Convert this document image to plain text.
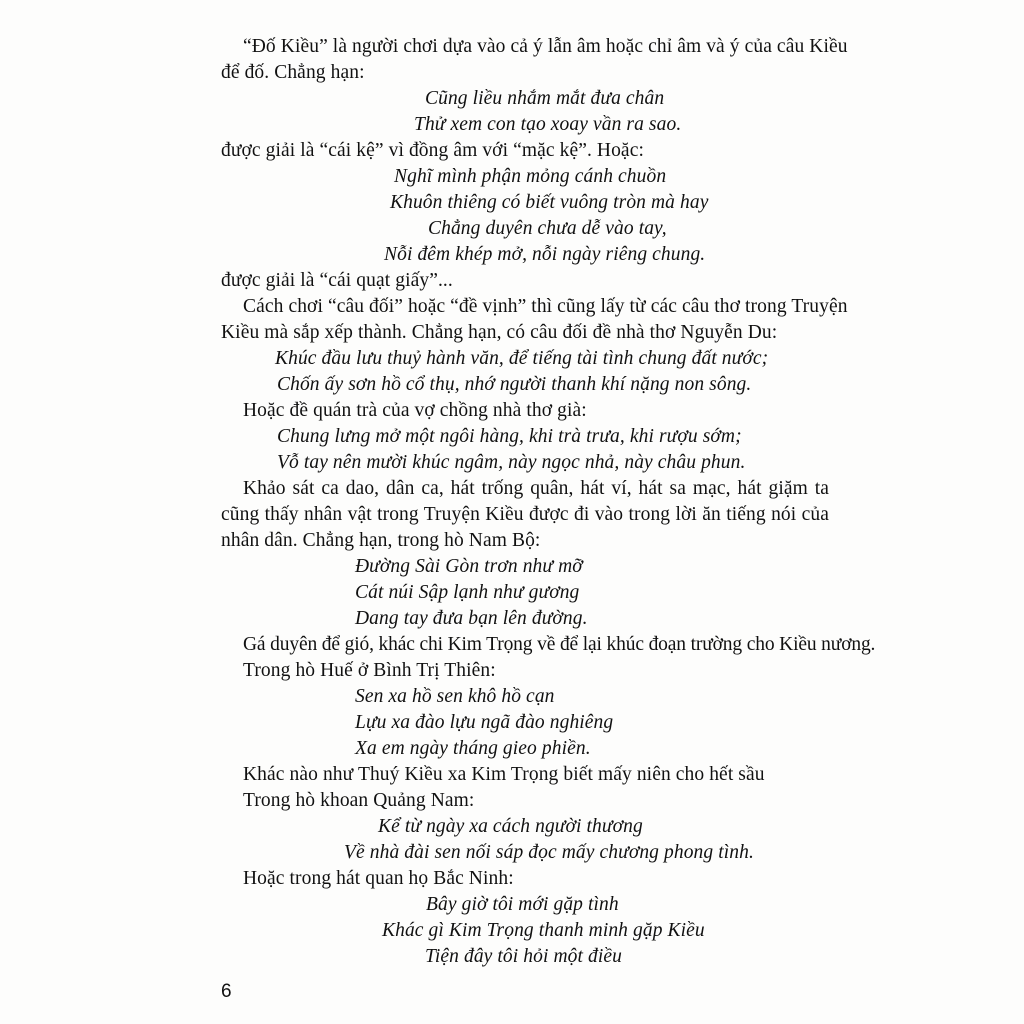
“Đố Kiều” là người chơi dựa vào cả ý lẫn âm hoặc chỉ âm và ý của câu Kiều
để đố. Chẳng hạn:
Cũng liều nhắm mắt đưa chân
Thử xem con tạo xoay vần ra sao.
được giải là “cái kệ” vì đồng âm với “mặc kệ”. Hoặc:
Nghĩ mình phận mỏng cánh chuồn
Khuôn thiêng có biết vuông tròn mà hay
Chẳng duyên chưa dễ vào tay,
Nỗi đêm khép mở, nỗi ngày riêng chung.
được giải là “cái quạt giấy”...
Cách chơi “câu đối” hoặc “đề vịnh” thì cũng lấy từ các câu thơ trong Truyện
Kiều mà sắp xếp thành. Chẳng hạn, có câu đối đề nhà thơ Nguyễn Du:
Khúc đầu lưu thuỷ hành văn, để tiếng tài tình chung đất nước;
Chốn ấy sơn hồ cổ thụ, nhớ người thanh khí nặng non sông.
Hoặc đề quán trà của vợ chồng nhà thơ già:
Chung lưng mở một ngôi hàng, khi trà trưa, khi rượu sớm;
Vỗ tay nên mười khúc ngâm, này ngọc nhả, này châu phun.
Khảo sát ca dao, dân ca, hát trống quân, hát ví, hát sa mạc, hát giặm ta
cũng thấy nhân vật trong Truyện Kiều được đi vào trong lời ăn tiếng nói của
nhân dân. Chẳng hạn, trong hò Nam Bộ:
Đường Sài Gòn trơn như mỡ
Cát núi Sập lạnh như gương
Dang tay đưa bạn lên đường.
Gá duyên để gió, khác chi Kim Trọng về để lại khúc đoạn trường cho Kiều nương.
Trong hò Huế ở Bình Trị Thiên:
Sen xa hồ sen khô hồ cạn
Lựu xa đào lựu ngã đào nghiêng
Xa em ngày tháng gieo phiền.
Khác nào như Thuý Kiều xa Kim Trọng biết mấy niên cho hết sầu
Trong hò khoan Quảng Nam:
Kể từ ngày xa cách người thương
Về nhà đài sen nối sáp đọc mấy chương phong tình.
Hoặc trong hát quan họ Bắc Ninh:
Bây giờ tôi mới gặp tình
Khác gì Kim Trọng thanh minh gặp Kiều
Tiện đây tôi hỏi một điều
6
